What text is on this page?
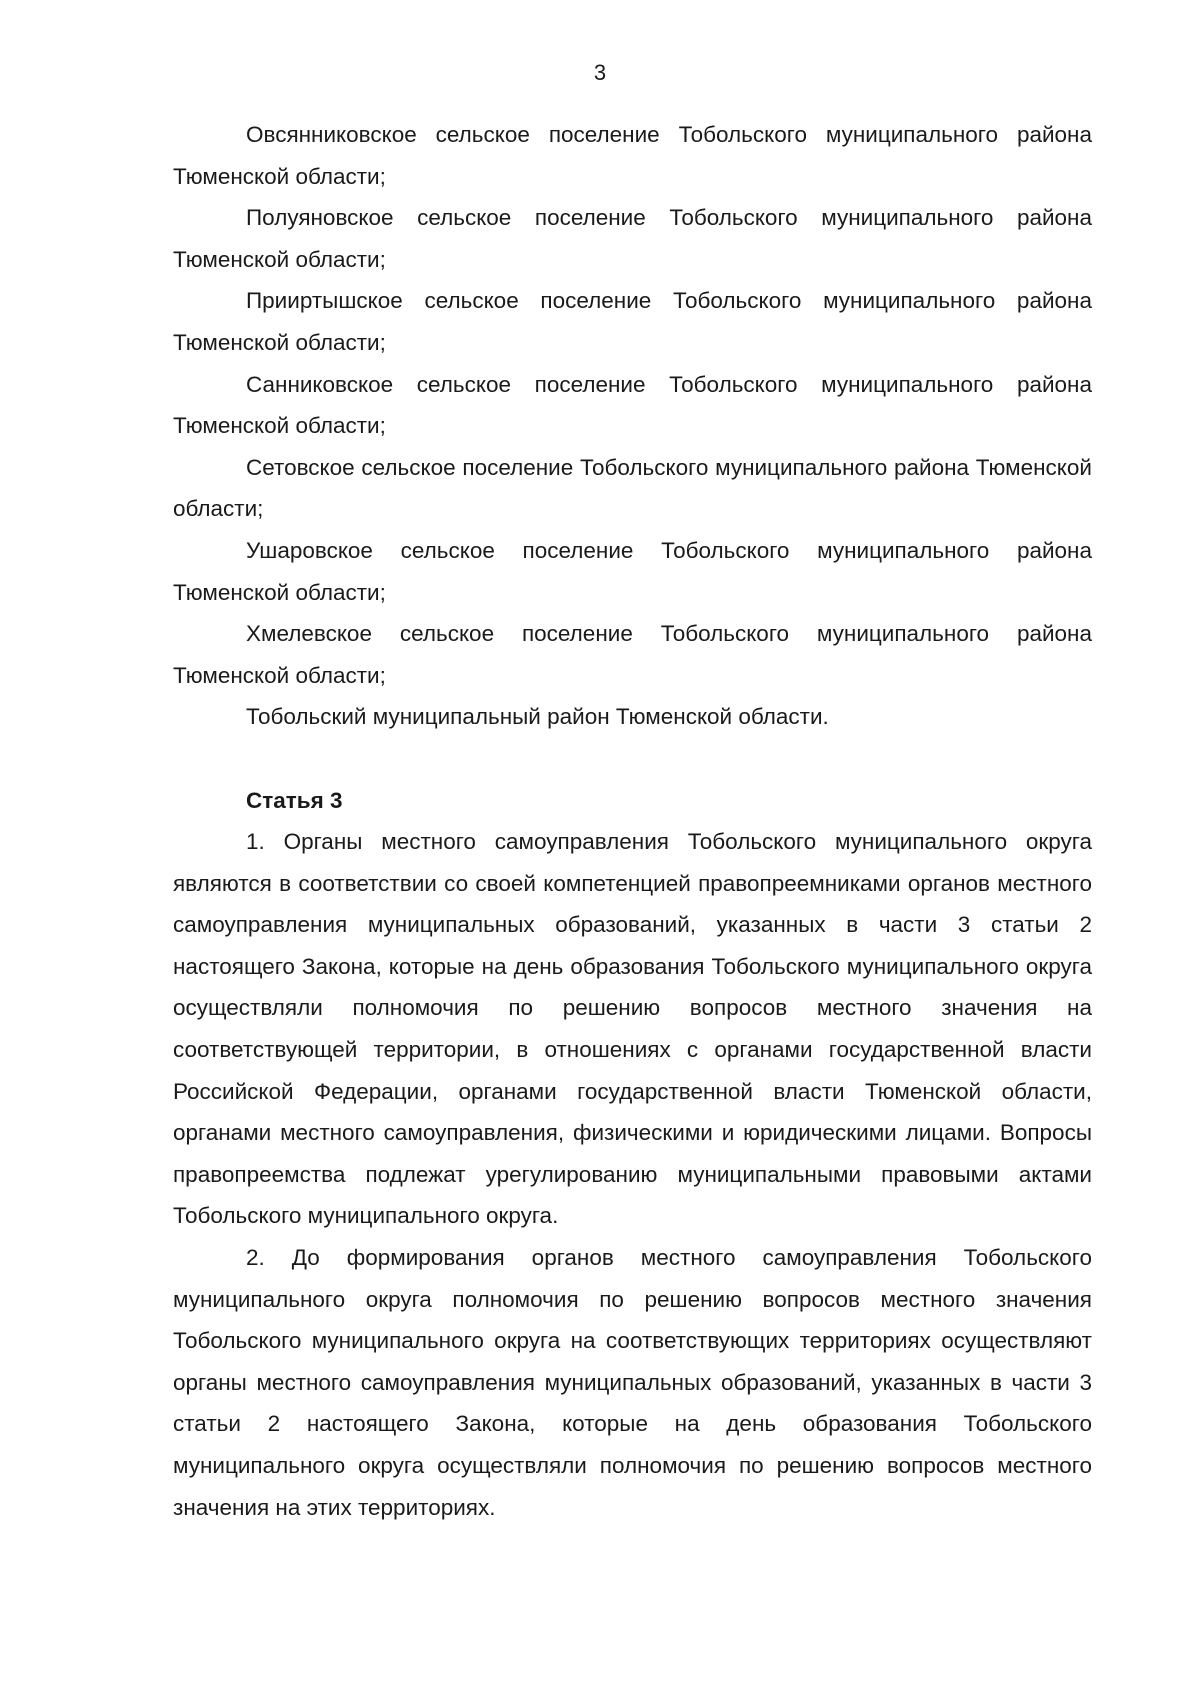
3

Овсянниковское сельское поселение Тобольского муниципального района Тюменской области;

Полуяновское сельское поселение Тобольского муниципального района Тюменской области;

Прииртышское сельское поселение Тобольского муниципального района Тюменской области;

Санниковское сельское поселение Тобольского муниципального района Тюменской области;

Сетовское сельское поселение Тобольского муниципального района Тюменской области;

Ушаровское сельское поселение Тобольского муниципального района Тюменской области;

Хмелевское сельское поселение Тобольского муниципального района Тюменской области;

Тобольский муниципальный район Тюменской области.

Статья 3

1. Органы местного самоуправления Тобольского муниципального округа являются в соответствии со своей компетенцией правопреемниками органов местного самоуправления муниципальных образований, указанных в части 3 статьи 2 настоящего Закона, которые на день образования Тобольского муниципального округа осуществляли полномочия по решению вопросов местного значения на соответствующей территории, в отношениях с органами государственной власти Российской Федерации, органами государственной власти Тюменской области, органами местного самоуправления, физическими и юридическими лицами. Вопросы правопреемства подлежат урегулированию муниципальными правовыми актами Тобольского муниципального округа.

2. До формирования органов местного самоуправления Тобольского муниципального округа полномочия по решению вопросов местного значения Тобольского муниципального округа на соответствующих территориях осуществляют органы местного самоуправления муниципальных образований, указанных в части 3 статьи 2 настоящего Закона, которые на день образования Тобольского муниципального округа осуществляли полномочия по решению вопросов местного значения на этих территориях.
